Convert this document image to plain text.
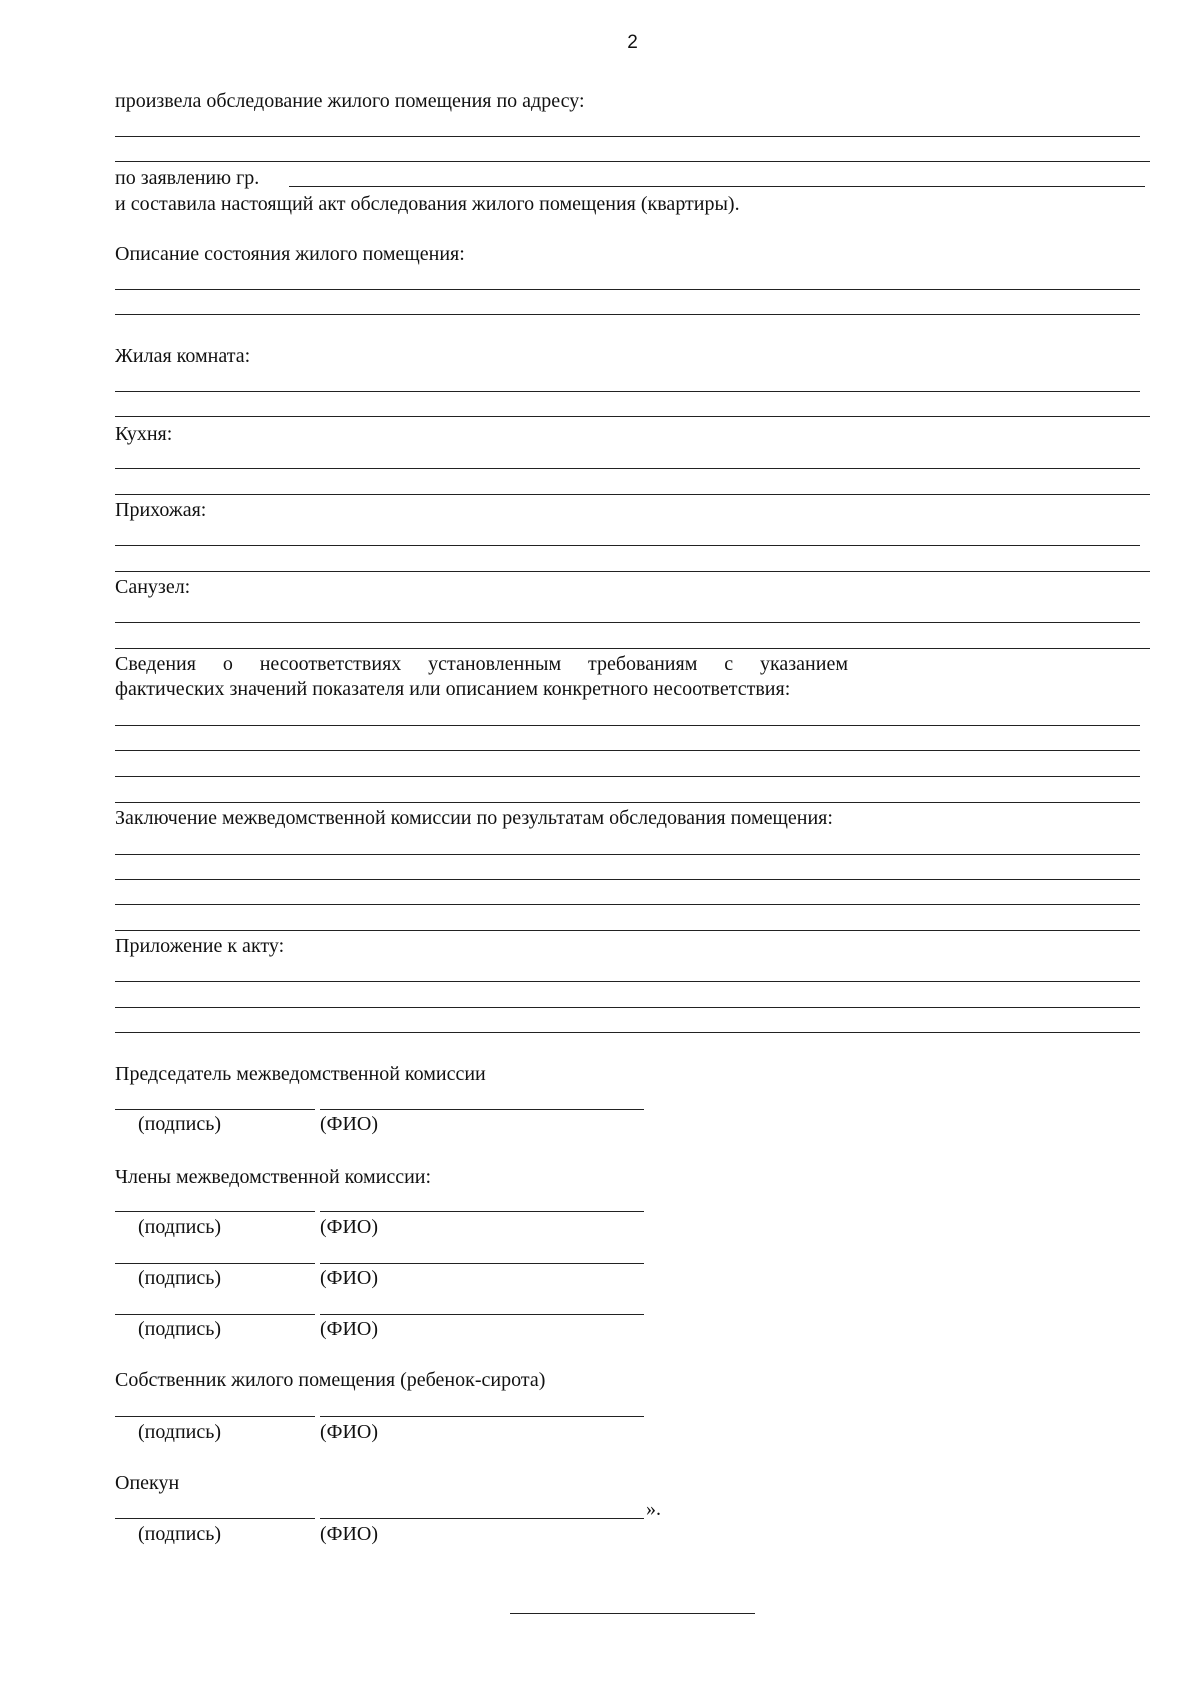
2
произвела обследование жилого помещения по адресу:
по заявлению гр.
и составила настоящий акт обследования жилого помещения (квартиры).
Описание состояния жилого помещения:
Жилая комната:
Кухня:
Прихожая:
Санузел:
Сведения о несоответствиях установленным требованиям с указанием
фактических значений показателя или описанием конкретного несоответствия:
Заключение межведомственной комиссии по результатам обследования помещения:
Приложение к акту:
Председатель межведомственной комиссии
(подпись)	(ФИО)
Члены межведомственной комиссии:
(подпись)	(ФИО)
(подпись)	(ФИО)
(подпись)	(ФИО)
Собственник жилого помещения (ребенок-сирота)
(подпись)	(ФИО)
Опекун
».
(подпись)	(ФИО)
